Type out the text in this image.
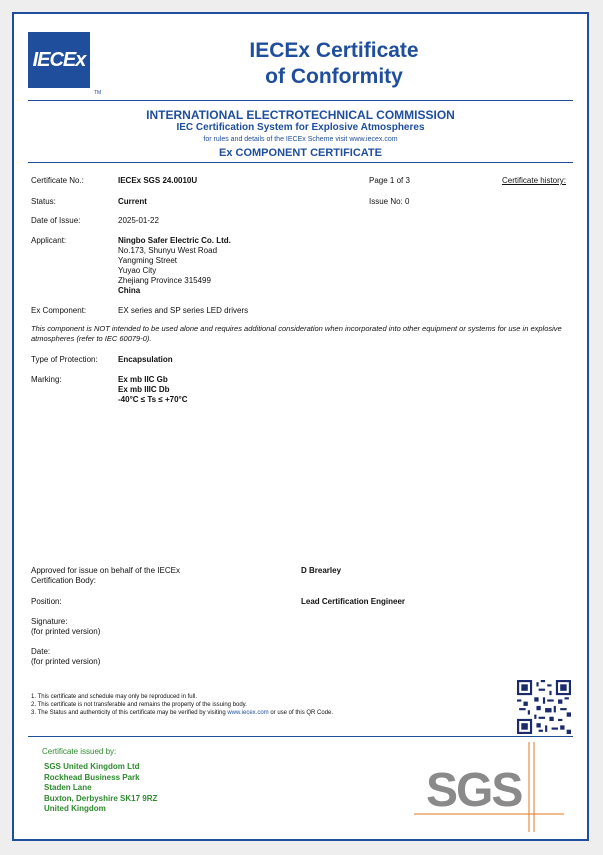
IECEx
TM
IECEx Certificate
of Conformity
INTERNATIONAL ELECTROTECHNICAL COMMISSION
IEC Certification System for Explosive Atmospheres
for rules and details of the IECEx Scheme visit www.iecex.com
Ex COMPONENT CERTIFICATE
Certificate No.:	IECEx SGS 24.0010U	Page 1 of 3	Certificate history:
Status:	Current	Issue No: 0
Date of Issue:	2025-01-22
Applicant:	Ningbo Safer Electric Co. Ltd.
No.173, Shunyu West Road
Yangming Street
Yuyao City
Zhejiang Province 315499
China
Ex Component:	EX series and SP series LED drivers
This component is NOT intended to be used alone and requires additional consideration when incorporated into other equipment or systems for use in explosive atmospheres (refer to IEC 60079-0).
Type of Protection:	Encapsulation
Marking:	Ex mb IIC Gb
Ex mb IIIC Db
-40°C ≤ Ts ≤ +70°C
Approved for issue on behalf of the IECEx
Certification Body:
D Brearley
Position:	Lead Certification Engineer
Signature:
(for printed version)
Date:
(for printed version)
1. This certificate and schedule may only be reproduced in full.
2. This certificate is not transferable and remains the property of the issuing body.
3. The Status and authenticity of this certificate may be verified by visiting www.iecex.com or use of this QR Code.
Certificate issued by:
SGS United Kingdom Ltd
Rockhead Business Park
Staden Lane
Buxton, Derbyshire SK17 9RZ
United Kingdom	SGS
